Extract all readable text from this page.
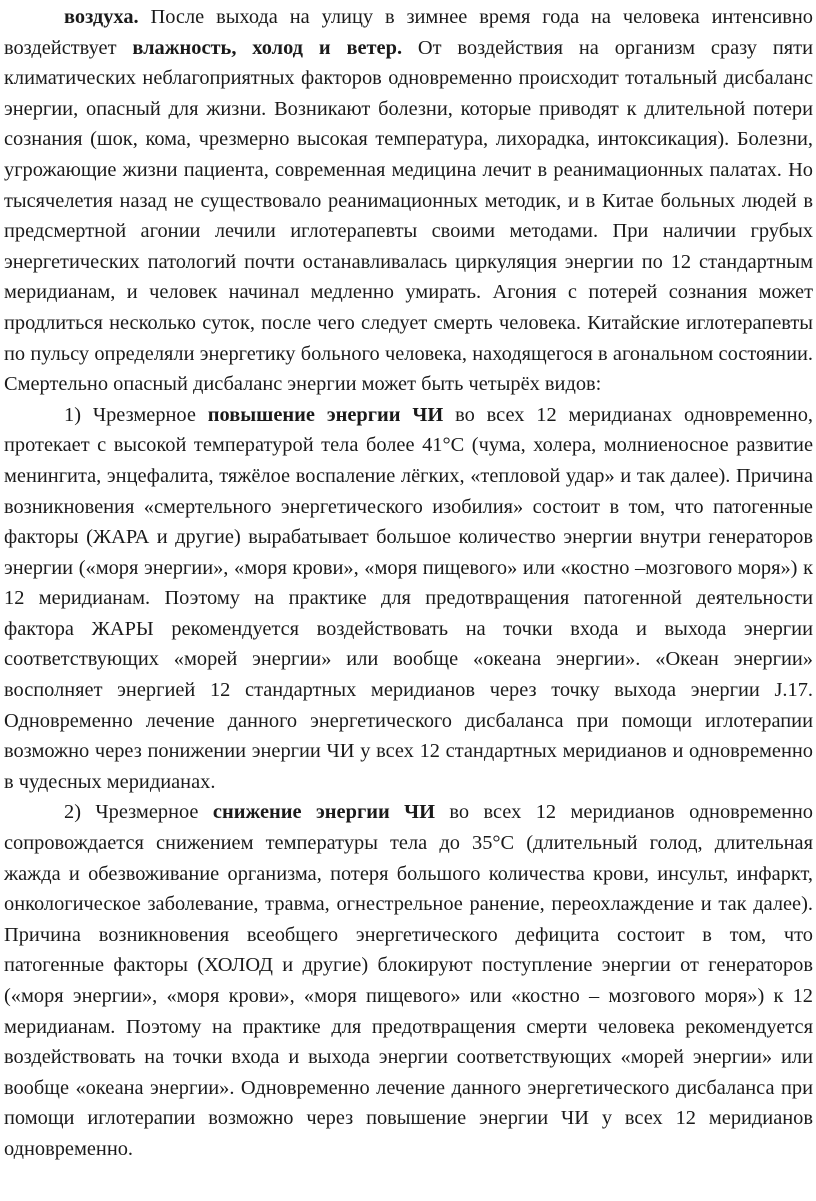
воздуха. После выхода на улицу в зимнее время года на человека интенсивно воздействует влажность, холод и ветер. От воздействия на организм сразу пяти климатических неблагоприятных факторов одновременно происходит тотальный дисбаланс энергии, опасный для жизни. Возникают болезни, которые приводят к длительной потери сознания (шок, кома, чрезмерно высокая температура, лихорадка, интоксикация). Болезни, угрожающие жизни пациента, современная медицина лечит в реанимационных палатах. Но тысячелетия назад не существовало реанимационных методик, и в Китае больных людей в предсмертной агонии лечили иглотерапевты своими методами. При наличии грубых энергетических патологий почти останавливалась циркуляция энергии по 12 стандартным меридианам, и человек начинал медленно умирать. Агония с потерей сознания может продлиться несколько суток, после чего следует смерть человека. Китайские иглотерапевты по пульсу определяли энергетику больного человека, находящегося в агональном состоянии. Смертельно опасный дисбаланс энергии может быть четырёх видов:

1) Чрезмерное повышение энергии ЧИ во всех 12 меридианах одновременно, протекает с высокой температурой тела более 41°С (чума, холера, молниеносное развитие менингита, энцефалита, тяжёлое воспаление лёгких, «тепловой удар» и так далее). Причина возникновения «смертельного энергетического изобилия» состоит в том, что патогенные факторы (ЖАРА и другие) вырабатывает большое количество энергии внутри генераторов энергии («моря энергии», «моря крови», «моря пищевого» или «костно –мозгового моря») к 12 меридианам. Поэтому на практике для предотвращения патогенной деятельности фактора ЖАРЫ рекомендуется воздействовать на точки входа и выхода энергии соответствующих «морей энергии» или вообще «океана энергии». «Океан энергии» восполняет энергией 12 стандартных меридианов через точку выхода энергии J.17. Одновременно лечение данного энергетического дисбаланса при помощи иглотерапии возможно через понижении энергии ЧИ у всех 12 стандартных меридианов и одновременно в чудесных меридианах.

2) Чрезмерное снижение энергии ЧИ во всех 12 меридианов одновременно сопровождается снижением температуры тела до 35°С (длительный голод, длительная жажда и обезвоживание организма, потеря большого количества крови, инсульт, инфаркт, онкологическое заболевание, травма, огнестрельное ранение, переохлаждение и так далее). Причина возникновения всеобщего энергетического дефицита состоит в том, что патогенные факторы (ХОЛОД и другие) блокируют поступление энергии от генераторов («моря энергии», «моря крови», «моря пищевого» или «костно – мозгового моря») к 12 меридианам. Поэтому на практике для предотвращения смерти человека рекомендуется воздействовать на точки входа и выхода энергии соответствующих «морей энергии» или вообще «океана энергии». Одновременно лечение данного энергетического дисбаланса при помощи иглотерапии возможно через повышение энергии ЧИ у всех 12 меридианов одновременно.
